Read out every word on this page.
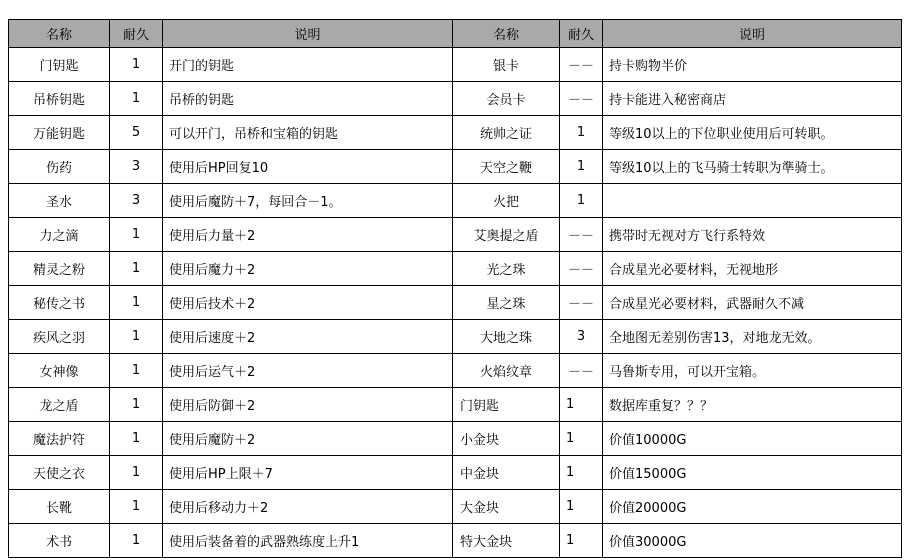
名称	耐久	说明	名称	耐久	说明
门钥匙	1	开门的钥匙	银卡	－－	持卡购物半价
吊桥钥匙	1	吊桥的钥匙	会员卡	－－	持卡能进入秘密商店
万能钥匙	5	可以开门，吊桥和宝箱的钥匙	统帅之证	1	等级10以上的下位职业使用后可转职。
伤药	3	使用后HP回复10	天空之鞭	1	等级10以上的飞马骑士转职为準骑士。
圣水	3	使用后魔防＋7，每回合－1。	火把	1	
力之滴	1	使用后力量＋2	艾奥提之盾	－－	携带时无视对方飞行系特效
精灵之粉	1	使用后魔力＋2	光之珠	－－	合成星光必要材料，无视地形
秘传之书	1	使用后技术＋2	星之珠	－－	合成星光必要材料，武器耐久不减
疾风之羽	1	使用后速度＋2	大地之珠	3	全地图无差别伤害13，对地龙无效。
女神像	1	使用后运气＋2	火焰纹章	－－	马鲁斯专用，可以开宝箱。
龙之盾	1	使用后防御＋2	门钥匙	1	数据库重复？？？
魔法护符	1	使用后魔防＋2	小金块	1	价值10000G
天使之衣	1	使用后HP上限＋7	中金块	1	价值15000G
长靴	1	使用后移动力＋2	大金块	1	价值20000G
术书	1	使用后装备着的武器熟练度上升1	特大金块	1	价值30000G
